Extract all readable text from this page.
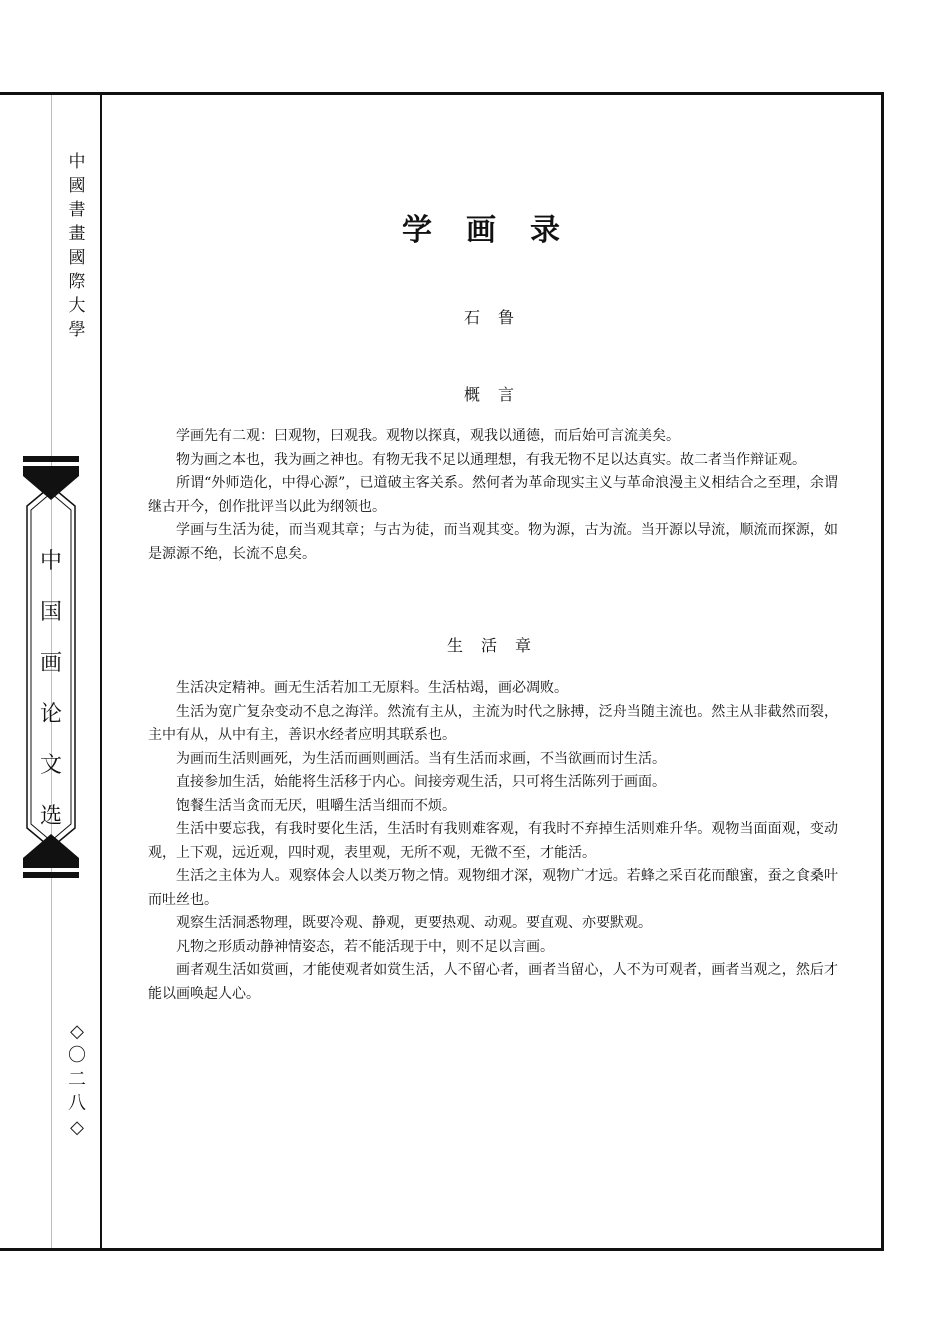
中
國
書
畫
國
際
大
學
中
国
画
论
文
选
◇
〇
二
八
◇
学画录
石鲁
概言

学画先有二观：曰观物，曰观我。观物以探真，观我以通德，而后始可言流美矣。

物为画之本也，我为画之神也。有物无我不足以通理想，有我无物不足以达真实。故二者当作辩证观。

所谓“外师造化，中得心源”，已道破主客关系。然何者为革命现实主义与革命浪漫主义相结合之至理，余谓继古开今，创作批评当以此为纲领也。

学画与生活为徒，而当观其章；与古为徒，而当观其变。物为源，古为流。当开源以导流，顺流而探源，如是源源不绝，长流不息矣。

生活章

生活决定精神。画无生活若加工无原料。生活枯竭，画必凋败。

生活为宽广复杂变动不息之海洋。然流有主从，主流为时代之脉搏，泛舟当随主流也。然主从非截然而裂，主中有从，从中有主，善识水经者应明其联系也。

为画而生活则画死，为生活而画则画活。当有生活而求画，不当欲画而讨生活。

直接参加生活，始能将生活移于内心。间接旁观生活，只可将生活陈列于画面。

饱餐生活当贪而无厌，咀嚼生活当细而不烦。

生活中要忘我，有我时要化生活，生活时有我则难客观，有我时不弃掉生活则难升华。观物当面面观，变动观，上下观，远近观，四时观，表里观，无所不观，无微不至，才能活。

生活之主体为人。观察体会人以类万物之情。观物细才深，观物广才远。若蜂之采百花而酿蜜，蚕之食桑叶而吐丝也。

观察生活洞悉物理，既要冷观、静观，更要热观、动观。要直观、亦要默观。

凡物之形质动静神情姿态，若不能活现于中，则不足以言画。

画者观生活如赏画，才能使观者如赏生活，人不留心者，画者当留心，人不为可观者，画者当观之，然后才能以画唤起人心。
